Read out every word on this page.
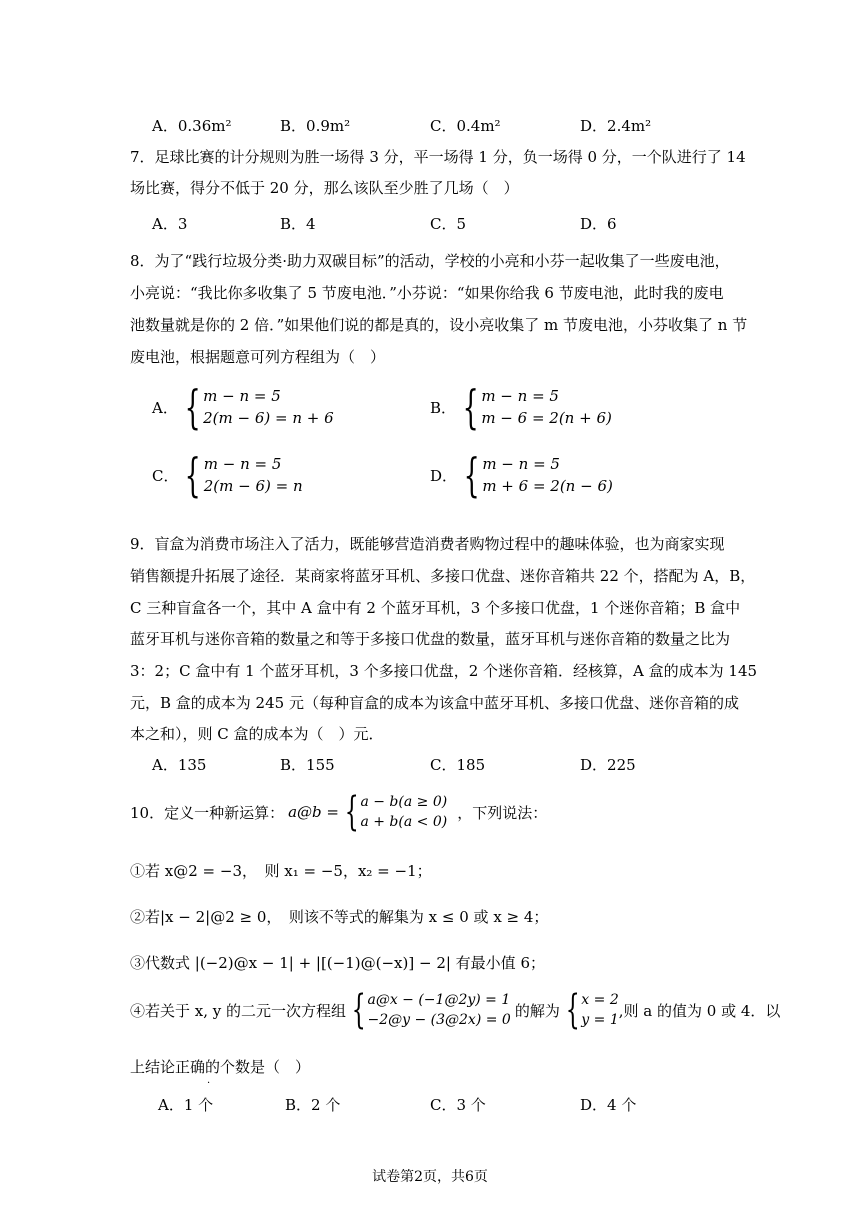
A．0.36m²	B．0.9m²	C．0.4m²	D．2.4m²
7．足球比赛的计分规则为胜一场得 3 分，平一场得 1 分，负一场得 0 分，一个队进行了 14
场比赛，得分不低于 20 分，那么该队至少胜了几场（　）
A．3	B．4	C．5	D．6
8．为了“践行垃圾分类·助力双碳目标”的活动，学校的小亮和小芬一起收集了一些废电池，
小亮说：“我比你多收集了 5 节废电池．”小芬说：“如果你给我 6 节废电池，此时我的废电
池数量就是你的 2 倍．”如果他们说的都是真的，设小亮收集了 m 节废电池，小芬收集了 n 节
废电池，根据题意可列方程组为（　）
A． { m − n = 5
2(m − 6) = n + 6
B． { m − n = 5
m − 6 = 2(n + 6)
C． { m − n = 5
2(m − 6) = n
D． { m − n = 5
m + 6 = 2(n − 6)
9．盲盒为消费市场注入了活力，既能够营造消费者购物过程中的趣味体验，也为商家实现
销售额提升拓展了途径．某商家将蓝牙耳机、多接口优盘、迷你音箱共 22 个，搭配为 A，B，
C 三种盲盒各一个，其中 A 盒中有 2 个蓝牙耳机，3 个多接口优盘，1 个迷你音箱；B 盒中
蓝牙耳机与迷你音箱的数量之和等于多接口优盘的数量，蓝牙耳机与迷你音箱的数量之比为
3：2；C 盒中有 1 个蓝牙耳机，3 个多接口优盘，2 个迷你音箱．经核算，A 盒的成本为 145
元，B 盒的成本为 245 元（每种盲盒的成本为该盒中蓝牙耳机、多接口优盘、迷你音箱的成
本之和），则 C 盒的成本为（　）元．
A．135	B．155	C．185	D．225
10．定义一种新运算： a@b = { a − b(a ≥ 0)
a + b(a < 0)
，下列说法：
①若 x@2 = −3，　则 x₁ = −5，x₂ = −1；
②若|x − 2|@2 ≥ 0，　则该不等式的解集为 x ≤ 0 或 x ≥ 4；
③代数式 |(−2)@x − 1| + |[(−1)@(−x)] − 2| 有最小值 6；
④若关于 x, y 的二元一次方程组 { a@x − (−1@2y) = 1
−2@y − (3@2x) = 0
的解为 { x = 2
y = 1
,则 a 的值为 0 或 4．以
上结论正确的个数是（　）
·
A．1 个	B．2 个	C．3 个	D．4 个
试卷第2页，共6页
